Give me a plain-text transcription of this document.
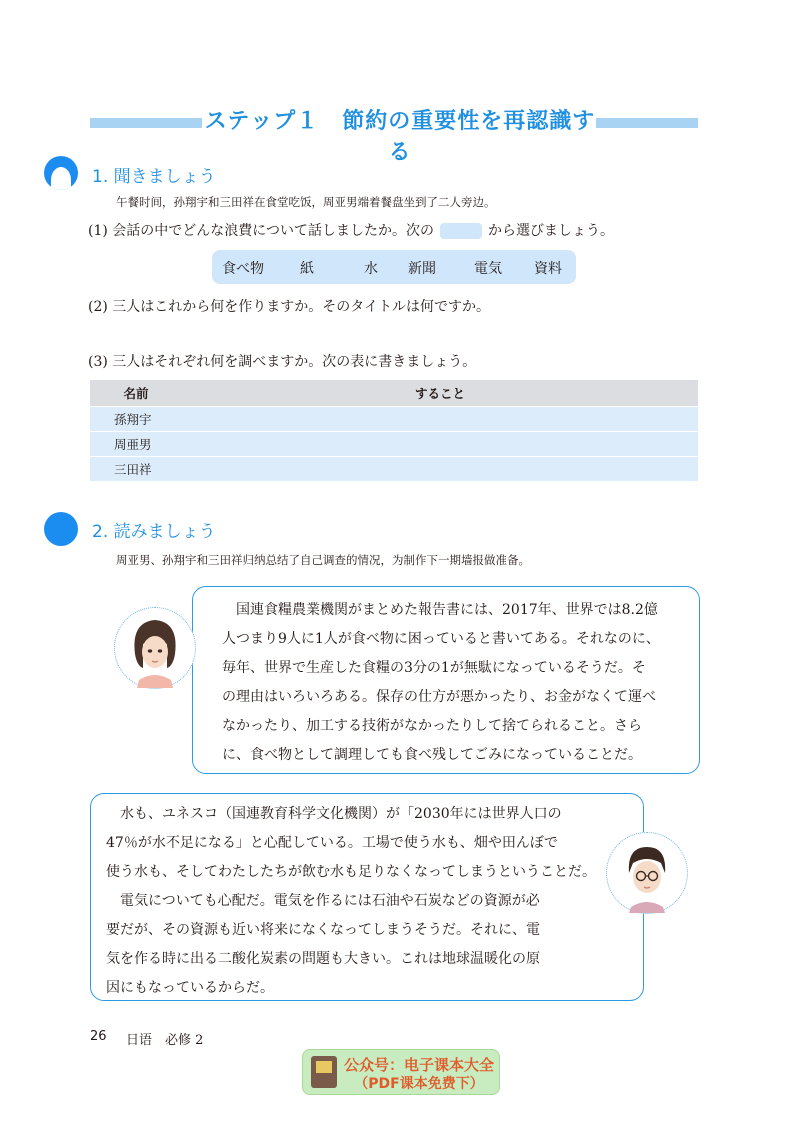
ステップ１　節約の重要性を再認識する
1. 聞きましょう
午餐时间，孙翔宇和三田祥在食堂吃饭，周亚男端着餐盘坐到了二人旁边。
(1) 会話の中でどんな浪費について話しましたか。次の	から選びましょう。
食べ物	紙	水 新聞	電気 資料
(2) 三人はこれから何を作りますか。そのタイトルは何ですか。
(3) 三人はそれぞれ何を調べますか。次の表に書きましょう。
名前	すること
孫翔宇	
周亜男	
三田祥	
2. 読みましょう
周亚男、孙翔宇和三田祥归纳总结了自己调查的情况，为制作下一期墙报做准备。
　国連食糧農業機関がまとめた報告書には、2017年、世界では8.2億
人つまり9人に1人が食べ物に困っていると書いてある。それなのに、
毎年、世界で生産した食糧の3分の1が無駄になっているそうだ。そ
の理由はいろいろある。保存の仕方が悪かったり、お金がなくて運べ
なかったり、加工する技術がなかったりして捨てられること。さら
に、食べ物として調理しても食べ残してごみになっていることだ。
　水も、ユネスコ（国連教育科学文化機関）が「2030年には世界人口の
47％が水不足になる」と心配している。工場で使う水も、畑や田んぼで
使う水も、そしてわたしたちが飲む水も足りなくなってしまうということだ。
　電気についても心配だ。電気を作るには石油や石炭などの資源が必
要だが、その資源も近い将来になくなってしまうそうだ。それに、電
気を作る時に出る二酸化炭素の問題も大きい。これは地球温暖化の原
因にもなっているからだ。
26 日语　必修 2
公众号：电子课本大全
（PDF课本免费下）
